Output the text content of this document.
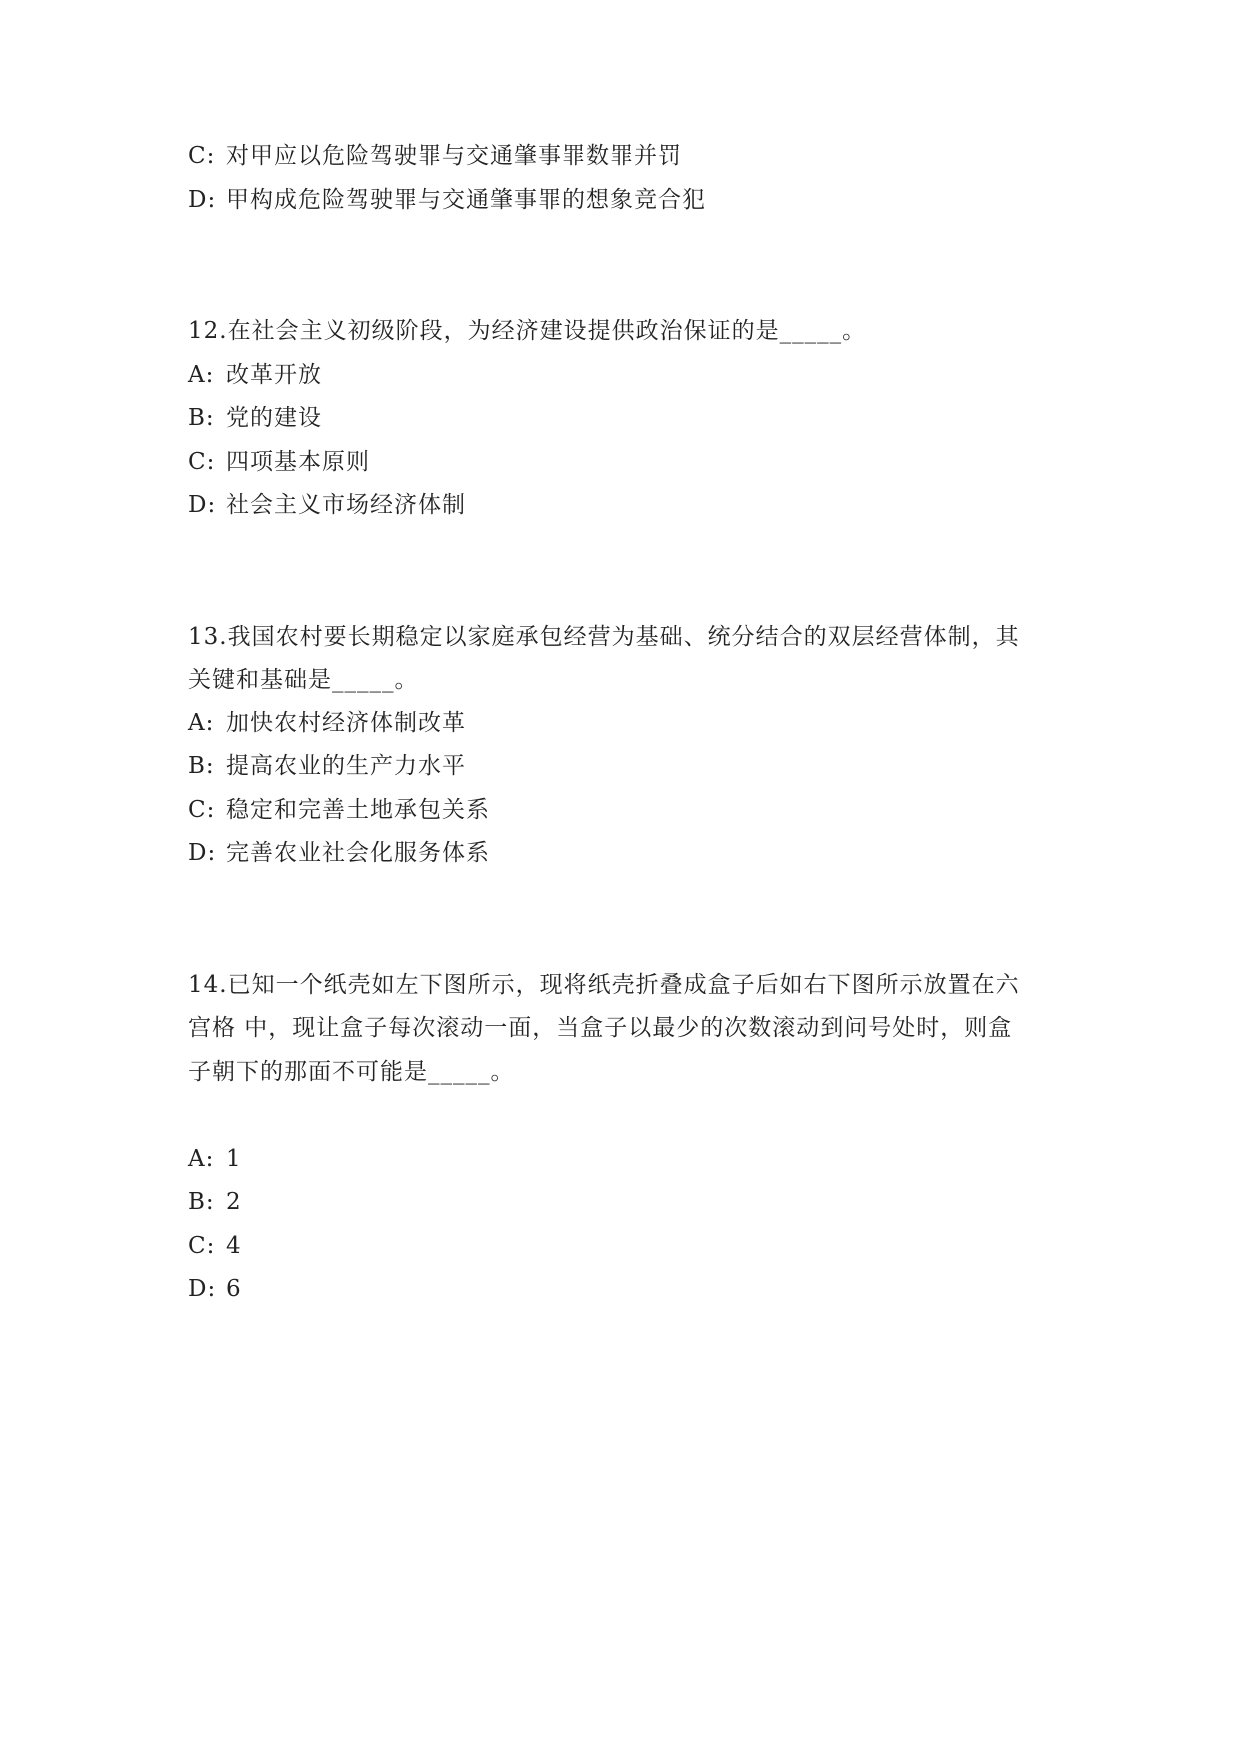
C: 对甲应以危险驾驶罪与交通肇事罪数罪并罚
D: 甲构成危险驾驶罪与交通肇事罪的想象竞合犯
12.在社会主义初级阶段，为经济建设提供政治保证的是_____。
A: 改革开放
B: 党的建设
C: 四项基本原则
D: 社会主义市场经济体制
13.我国农村要长期稳定以家庭承包经营为基础、统分结合的双层经营体制，其
关键和基础是_____。
A: 加快农村经济体制改革
B: 提高农业的生产力水平
C: 稳定和完善土地承包关系
D: 完善农业社会化服务体系
14.已知一个纸壳如左下图所示，现将纸壳折叠成盒子后如右下图所示放置在六
宫格 中，现让盒子每次滚动一面，当盒子以最少的次数滚动到问号处时，则盒
子朝下的那面不可能是_____。
A: 1
B: 2
C: 4
D: 6
